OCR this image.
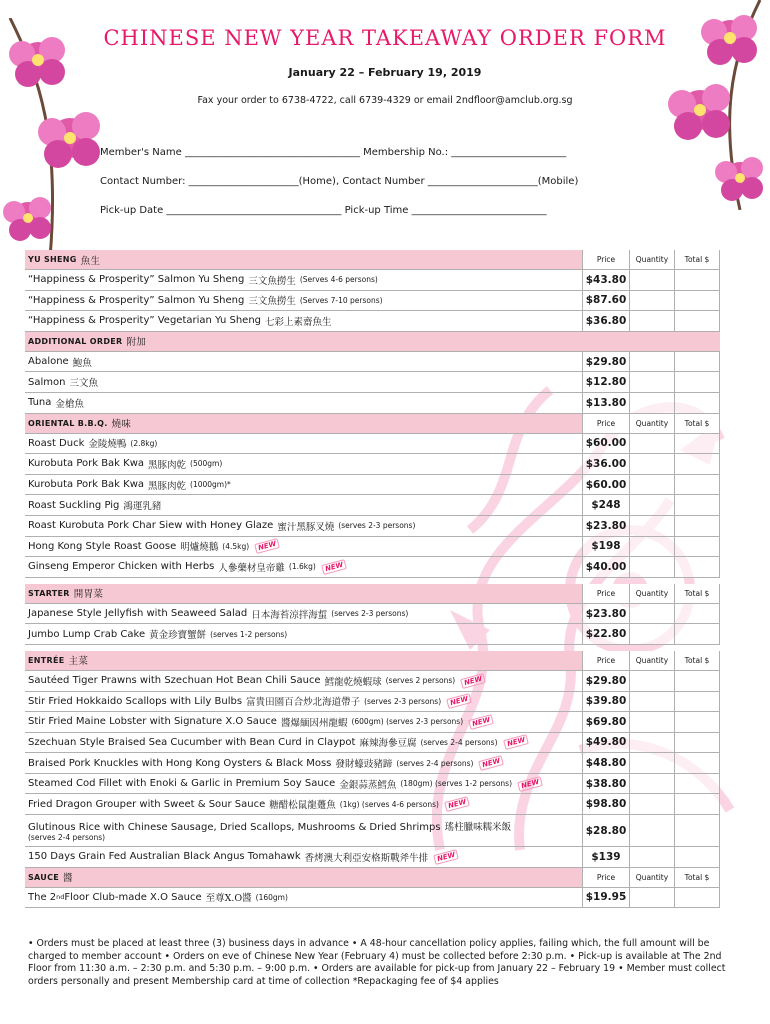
CHINESE NEW YEAR TAKEAWAY ORDER FORM
January 22 – February 19, 2019
Fax your order to 6738-4722, call 6739-4329 or email 2ndfloor@amclub.org.sg
Member's Name ___________________________________ Membership No.: _______________________
Contact Number: ______________________(Home), Contact Number ______________________(Mobile)
Pick-up Date ___________________________________ Pick-up Time ___________________________
YU SHENG 魚生	Price	Quantity	Total $
“Happiness & Prosperity” Salmon Yu Sheng 三文魚撈生 (Serves 4-6 persons)	$43.80
“Happiness & Prosperity” Salmon Yu Sheng 三文魚撈生 (Serves 7-10 persons)	$87.60
“Happiness & Prosperity” Vegetarian Yu Sheng 七彩上素齋魚生	$36.80
ADDITIONAL ORDER 附加
Abalone 鮑魚	$29.80
Salmon 三文魚	$12.80
Tuna 金槍魚	$13.80
ORIENTAL B.B.Q. 燒味	Price	Quantity	Total $
Roast Duck 金陵燒鴨 (2.8kg)	$60.00
Kurobuta Pork Bak Kwa 黑豚肉乾 (500gm)	$36.00
Kurobuta Pork Bak Kwa 黑豚肉乾 (1000gm)*	$60.00
Roast Suckling Pig 鴻運乳豬	$248
Roast Kurobuta Pork Char Siew with Honey Glaze 蜜汁黑豚叉燒 (serves 2-3 persons)	$23.80
Hong Kong Style Roast Goose 明爐燒鵝 (4.5kg)	NEW	$198
Ginseng Emperor Chicken with Herbs 人參藥材皇帝雞 (1.6kg)	NEW	$40.00
STARTER 開胃菜	Price	Quantity	Total $
Japanese Style Jellyfish with Seaweed Salad 日本海苔涼拌海蜇 (serves 2-3 persons)	$23.80
Jumbo Lump Crab Cake 黄金珍寶蟹餅 (serves 1-2 persons)	$22.80
ENTRÉE 主菜	Price	Quantity	Total $
Sautéed Tiger Prawns with Szechuan Hot Bean Chili Sauce 鱈龍乾燒蝦球 (serves 2 persons)	NEW	$29.80
Stir Fried Hokkaido Scallops with Lily Bulbs 富貴田園百合炒北海道帶子 (serves 2-3 persons)	NEW	$39.80
Stir Fried Maine Lobster with Signature X.O Sauce 醬爆緬因州龍蝦 (600gm) (serves 2-3 persons)	NEW	$69.80
Szechuan Style Braised Sea Cucumber with Bean Curd in Claypot 麻辣海參豆腐 (serves 2-4 persons)	NEW	$49.80
Braised Pork Knuckles with Hong Kong Oysters & Black Moss 發財蠔豉豬蹄 (serves 2-4 persons)	NEW	$48.80
Steamed Cod Fillet with Enoki & Garlic in Premium Soy Sauce 金銀蒜蒸鱈魚 (180gm) (serves 1-2 persons)	NEW	$38.80
Fried Dragon Grouper with Sweet & Sour Sauce 糖醋松鼠龍躉魚 (1kg) (serves 4-6 persons)	NEW	$98.80
Glutinous Rice with Chinese Sausage, Dried Scallops, Mushrooms & Dried Shrimps 瑤柱臘味糯米飯
(serves 2-4 persons)
$28.80
150 Days Grain Fed Australian Black Angus Tomahawk 香烤澳大利亞安格斯戰斧牛排	NEW	$139
SAUCE 醬	Price	Quantity	Total $
The 2 nd Floor Club-made X.O Sauce 至尊X.O醬 (160gm)	$19.95
• Orders must be placed at least three (3) business days in advance • A 48-hour cancellation policy applies, failing which, the full amount will be charged to member account • Orders on eve of Chinese New Year (February 4) must be collected before 2:30 p.m. • Pick-up is available at The 2nd Floor from 11:30 a.m. – 2:30 p.m. and 5:30 p.m. – 9:00 p.m. • Orders are available for pick-up from January 22 – February 19 • Member must collect orders personally and present Membership card at time of collection *Repackaging fee of $4 applies
